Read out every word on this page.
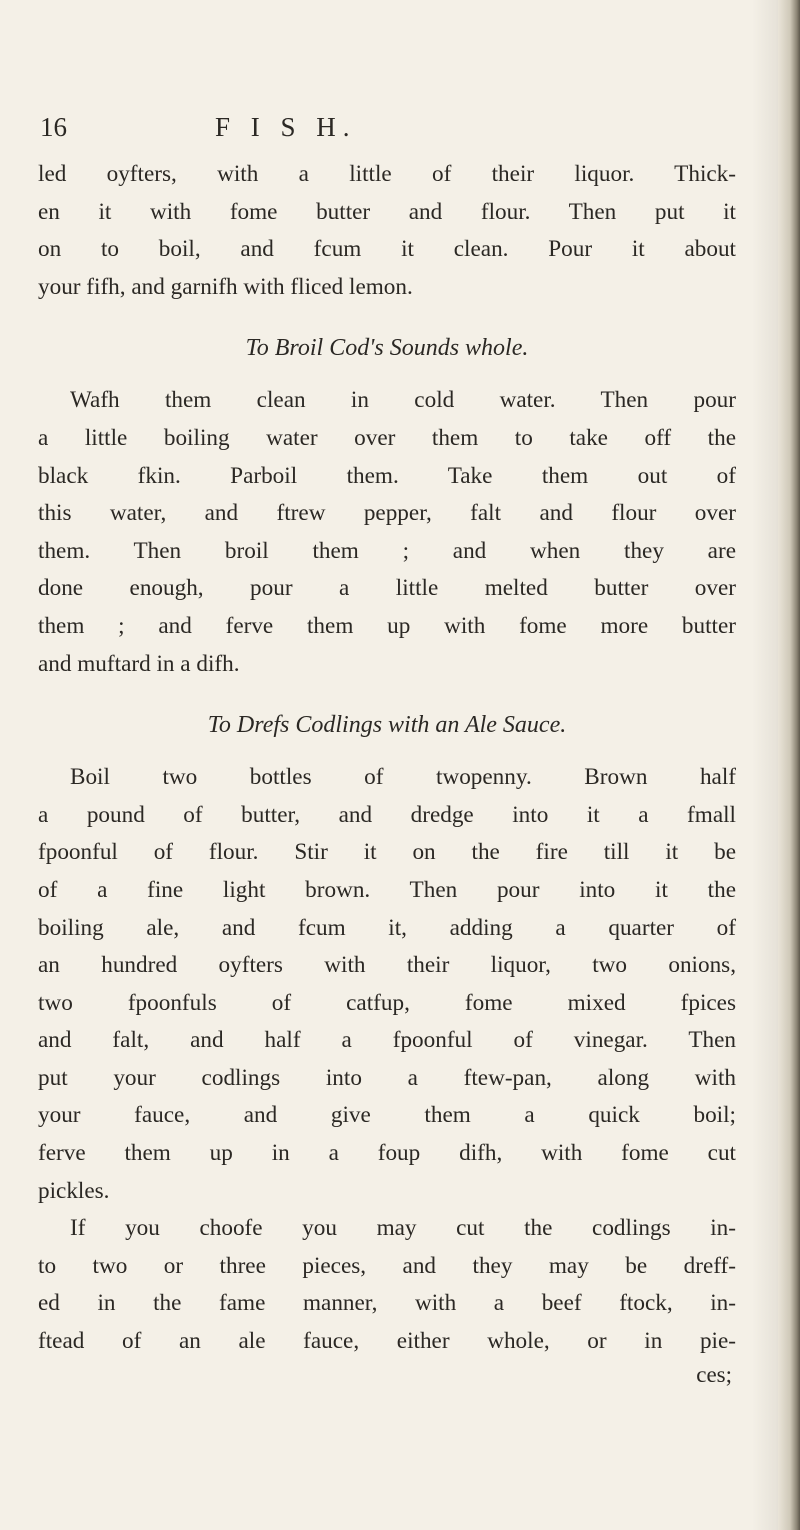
16	F I S H.
led oyfters, with a little of their liquor. Thick-
en it with fome butter and flour. Then put it
on to boil, and fcum it clean. Pour it about
your fifh, and garnifh with fliced lemon.
To Broil Cod's Sounds whole.
Wafh them clean in cold water. Then pour
a little boiling water over them to take off the
black fkin. Parboil them. Take them out of
this water, and ftrew pepper, falt and flour over
them. Then broil them ; and when they are
done enough, pour a little melted butter over
them ; and ferve them up with fome more butter
and muftard in a difh.
To Drefs Codlings with an Ale Sauce.
Boil two bottles of twopenny. Brown half
a pound of butter, and dredge into it a fmall
fpoonful of flour. Stir it on the fire till it be
of a fine light brown. Then pour into it the
boiling ale, and fcum it, adding a quarter of
an hundred oyfters with their liquor, two onions,
two fpoonfuls of catfup, fome mixed fpices
and falt, and half a fpoonful of vinegar. Then
put your codlings into a ftew-pan, along with
your fauce, and give them a quick boil;
ferve them up in a foup difh, with fome cut
pickles.
If you choofe you may cut the codlings in-
to two or three pieces, and they may be dreff-
ed in the fame manner, with a beef ftock, in-
ftead of an ale fauce, either whole, or in pie-
ces;
